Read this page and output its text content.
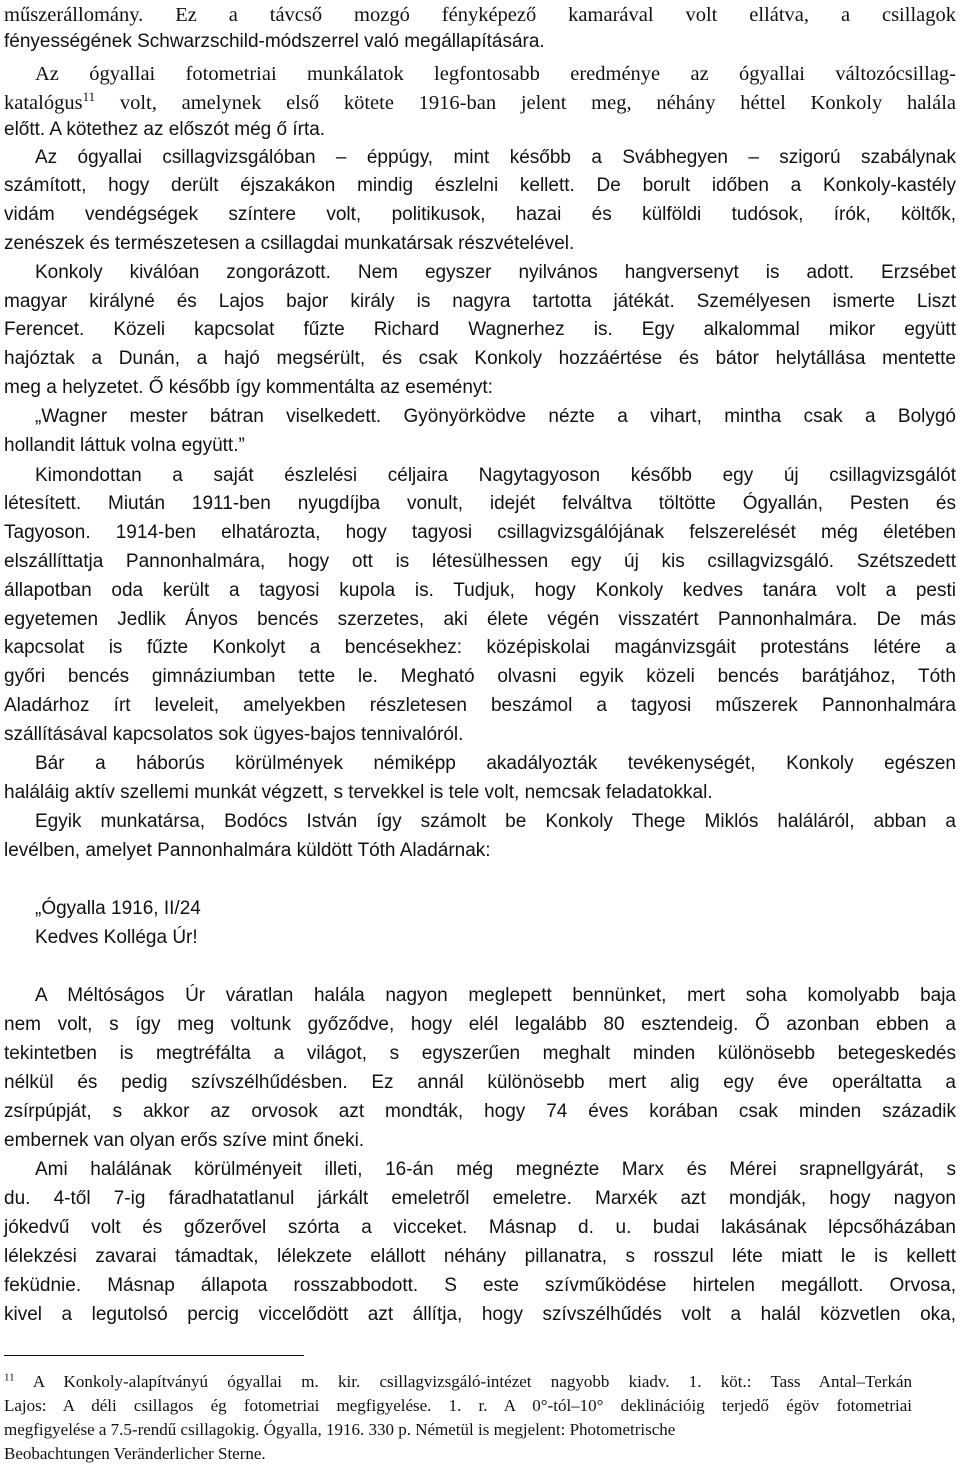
műszerállomány. Ez a távcső mozgó fényképező kamarával volt ellátva, a csillagok
fényességének Schwarzschild-módszerrel való megállapítására.
Az ógyallai fotometriai munkálatok legfontosabb eredménye az ógyallai változócsillag-
katalógus$^{11}$ volt, amelynek első kötete 1916-ban jelent meg, néhány héttel Konkoly halála
előtt. A kötethez az előszót még ő írta.
Az ógyallai csillagvizsgálóban – éppúgy, mint később a Svábhegyen – szigorú szabálynak
számított, hogy derült éjszakákon mindig észlelni kellett. De borult időben a Konkoly-kastély
vidám vendégségek színtere volt, politikusok, hazai és külföldi tudósok, írók, költők,
zenészek és természetesen a csillagdai munkatársak részvételével.
Konkoly kiválóan zongorázott. Nem egyszer nyilvános hangversenyt is adott. Erzsébet
magyar királyné és Lajos bajor király is nagyra tartotta játékát. Személyesen ismerte Liszt
Ferencet. Közeli kapcsolat fűzte Richard Wagnerhez is. Egy alkalommal mikor együtt
hajóztak a Dunán, a hajó megsérült, és csak Konkoly hozzáértése és bátor helytállása mentette
meg a helyzetet. Ő később így kommentálta az eseményt:
„Wagner mester bátran viselkedett. Gyönyörködve nézte a vihart, mintha csak a Bolygó
hollandit láttuk volna együtt.”
Kimondottan a saját észlelési céljaira Nagytagyoson később egy új csillagvizsgálót
létesített. Miután 1911-ben nyugdíjba vonult, idejét felváltva töltötte Ógyallán, Pesten és
Tagyoson. 1914-ben elhatározta, hogy tagyosi csillagvizsgálójának felszerelését még életében
elszállíttatja Pannonhalmára, hogy ott is létesülhessen egy új kis csillagvizsgáló. Szétszedett
állapotban oda került a tagyosi kupola is. Tudjuk, hogy Konkoly kedves tanára volt a pesti
egyetemen Jedlik Ányos bencés szerzetes, aki élete végén visszatért Pannonhalmára. De más
kapcsolat is fűzte Konkolyt a bencésekhez: középiskolai magánvizsgáit protestáns létére a
győri bencés gimnáziumban tette le. Megható olvasni egyik közeli bencés barátjához, Tóth
Aladárhoz írt leveleit, amelyekben részletesen beszámol a tagyosi műszerek Pannonhalmára
szállításával kapcsolatos sok ügyes-bajos tennivalóról.
Bár a háborús körülmények némiképp akadályozták tevékenységét, Konkoly egészen
haláláig aktív szellemi munkát végzett, s tervekkel is tele volt, nemcsak feladatokkal.
Egyik munkatársa, Bodócs István így számolt be Konkoly Thege Miklós haláláról, abban a
levélben, amelyet Pannonhalmára küldött Tóth Aladárnak:
„Ógyalla 1916, II/24
Kedves Kolléga Úr!
A Méltóságos Úr váratlan halála nagyon meglepett bennünket, mert soha komolyabb baja
nem volt, s így meg voltunk győződve, hogy elél legalább 80 esztendeig. Ő azonban ebben a
tekintetben is megtréfálta a világot, s egyszerűen meghalt minden különösebb betegeskedés
nélkül és pedig szívszélhűdésben. Ez annál különösebb mert alig egy éve operáltatta a
zsírpúpját, s akkor az orvosok azt mondták, hogy 74 éves korában csak minden századik
embernek van olyan erős szíve mint őneki.
Ami halálának körülményeit illeti, 16-án még megnézte Marx és Mérei srapnellgyárát, s
du. 4-től 7-ig fáradhatatlanul járkált emeletről emeletre. Marxék azt mondják, hogy nagyon
jókedvű volt és gőzerővel szórta a vicceket. Másnap d. u. budai lakásának lépcsőházában
lélekzési zavarai támadtak, lélekzete elállott néhány pillanatra, s rosszul léte miatt le is kellett
feküdnie. Másnap állapota rosszabbodott. S este szívműködése hirtelen megállott. Orvosa,
kivel a legutolsó percig viccelődött azt állítja, hogy szívszélhűdés volt a halál közvetlen oka,
$^{11}$ A Konkoly-alapítványú ógyallai m. kir. csillagvizsgáló-intézet nagyobb kiadv. 1. köt.: Tass Antal–Terkán
Lajos: A déli csillagos ég fotometriai megfigyelése. 1. r. A 0°-tól–10° deklinációig terjedő égöv fotometriai
megfigyelése a 7.5-rendű csillagokig. Ógyalla, 1916. 330 p. Németül is megjelent: Photometrische
Beobachtungen Veränderlicher Sterne.
